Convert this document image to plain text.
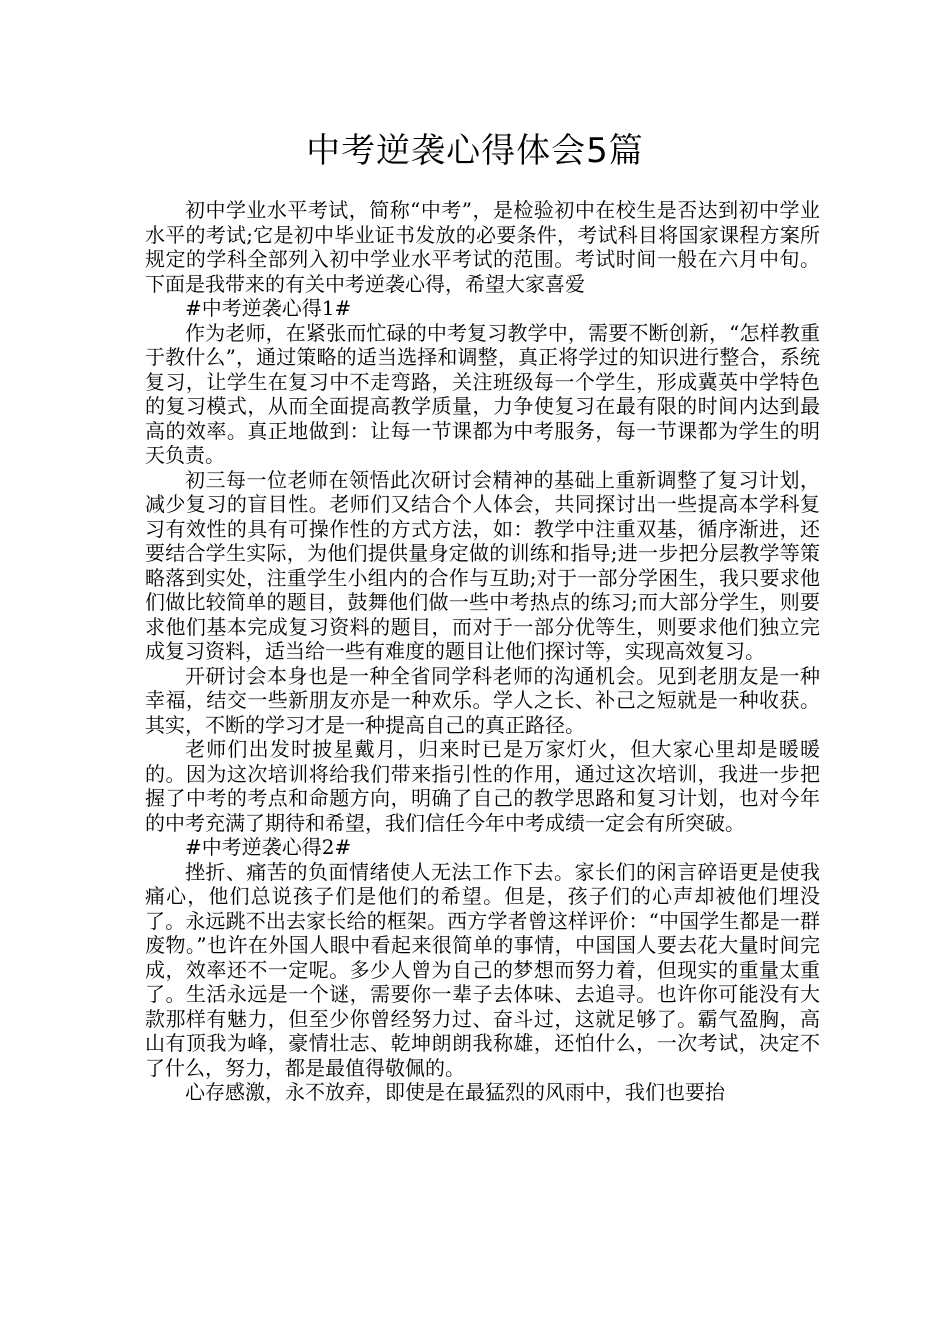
中考逆袭心得体会5篇

初中学业水平考试，简称“中考”，是检验初中在校生是否达到初中学业水平的考试;它是初中毕业证书发放的必要条件，考试科目将国家课程方案所规定的学科全部列入初中学业水平考试的范围。考试时间一般在六月中旬。下面是我带来的有关中考逆袭心得，希望大家喜爱

#中考逆袭心得1#

作为老师，在紧张而忙碌的中考复习教学中，需要不断创新，“怎样教重于教什么”，通过策略的适当选择和调整，真正将学过的知识进行整合，系统复习，让学生在复习中不走弯路，关注班级每一个学生，形成冀英中学特色的复习模式，从而全面提高教学质量，力争使复习在最有限的时间内达到最高的效率。真正地做到：让每一节课都为中考服务，每一节课都为学生的明天负责。

初三每一位老师在领悟此次研讨会精神的基础上重新调整了复习计划，减少复习的盲目性。老师们又结合个人体会，共同探讨出一些提高本学科复习有效性的具有可操作性的方式方法，如：教学中注重双基，循序渐进，还要结合学生实际，为他们提供量身定做的训练和指导;进一步把分层教学等策略落到实处，注重学生小组内的合作与互助;对于一部分学困生，我只要求他们做比较简单的题目，鼓舞他们做一些中考热点的练习;而大部分学生，则要求他们基本完成复习资料的题目，而对于一部分优等生，则要求他们独立完成复习资料，适当给一些有难度的题目让他们探讨等，实现高效复习。

开研讨会本身也是一种全省同学科老师的沟通机会。见到老朋友是一种幸福，结交一些新朋友亦是一种欢乐。学人之长、补己之短就是一种收获。其实，不断的学习才是一种提高自己的真正路径。

老师们出发时披星戴月，归来时已是万家灯火，但大家心里却是暖暖的。因为这次培训将给我们带来指引性的作用，通过这次培训，我进一步把握了中考的考点和命题方向，明确了自己的教学思路和复习计划，也对今年的中考充满了期待和希望，我们信任今年中考成绩一定会有所突破。

#中考逆袭心得2#

挫折、痛苦的负面情绪使人无法工作下去。家长们的闲言碎语更是使我痛心，他们总说孩子们是他们的希望。但是，孩子们的心声却被他们埋没了。永远跳不出去家长给的框架。西方学者曾这样评价：“中国学生都是一群废物。”也许在外国人眼中看起来很简单的事情，中国国人要去花大量时间完成，效率还不一定呢。多少人曾为自己的梦想而努力着，但现实的重量太重了。生活永远是一个谜，需要你一辈子去体味、去追寻。也许你可能没有大款那样有魅力，但至少你曾经努力过、奋斗过，这就足够了。霸气盈胸，高山有顶我为峰，豪情壮志、乾坤朗朗我称雄，还怕什么，一次考试，决定不了什么，努力，都是最值得敬佩的。

心存感激，永不放弃，即使是在最猛烈的风雨中，我们也要抬
